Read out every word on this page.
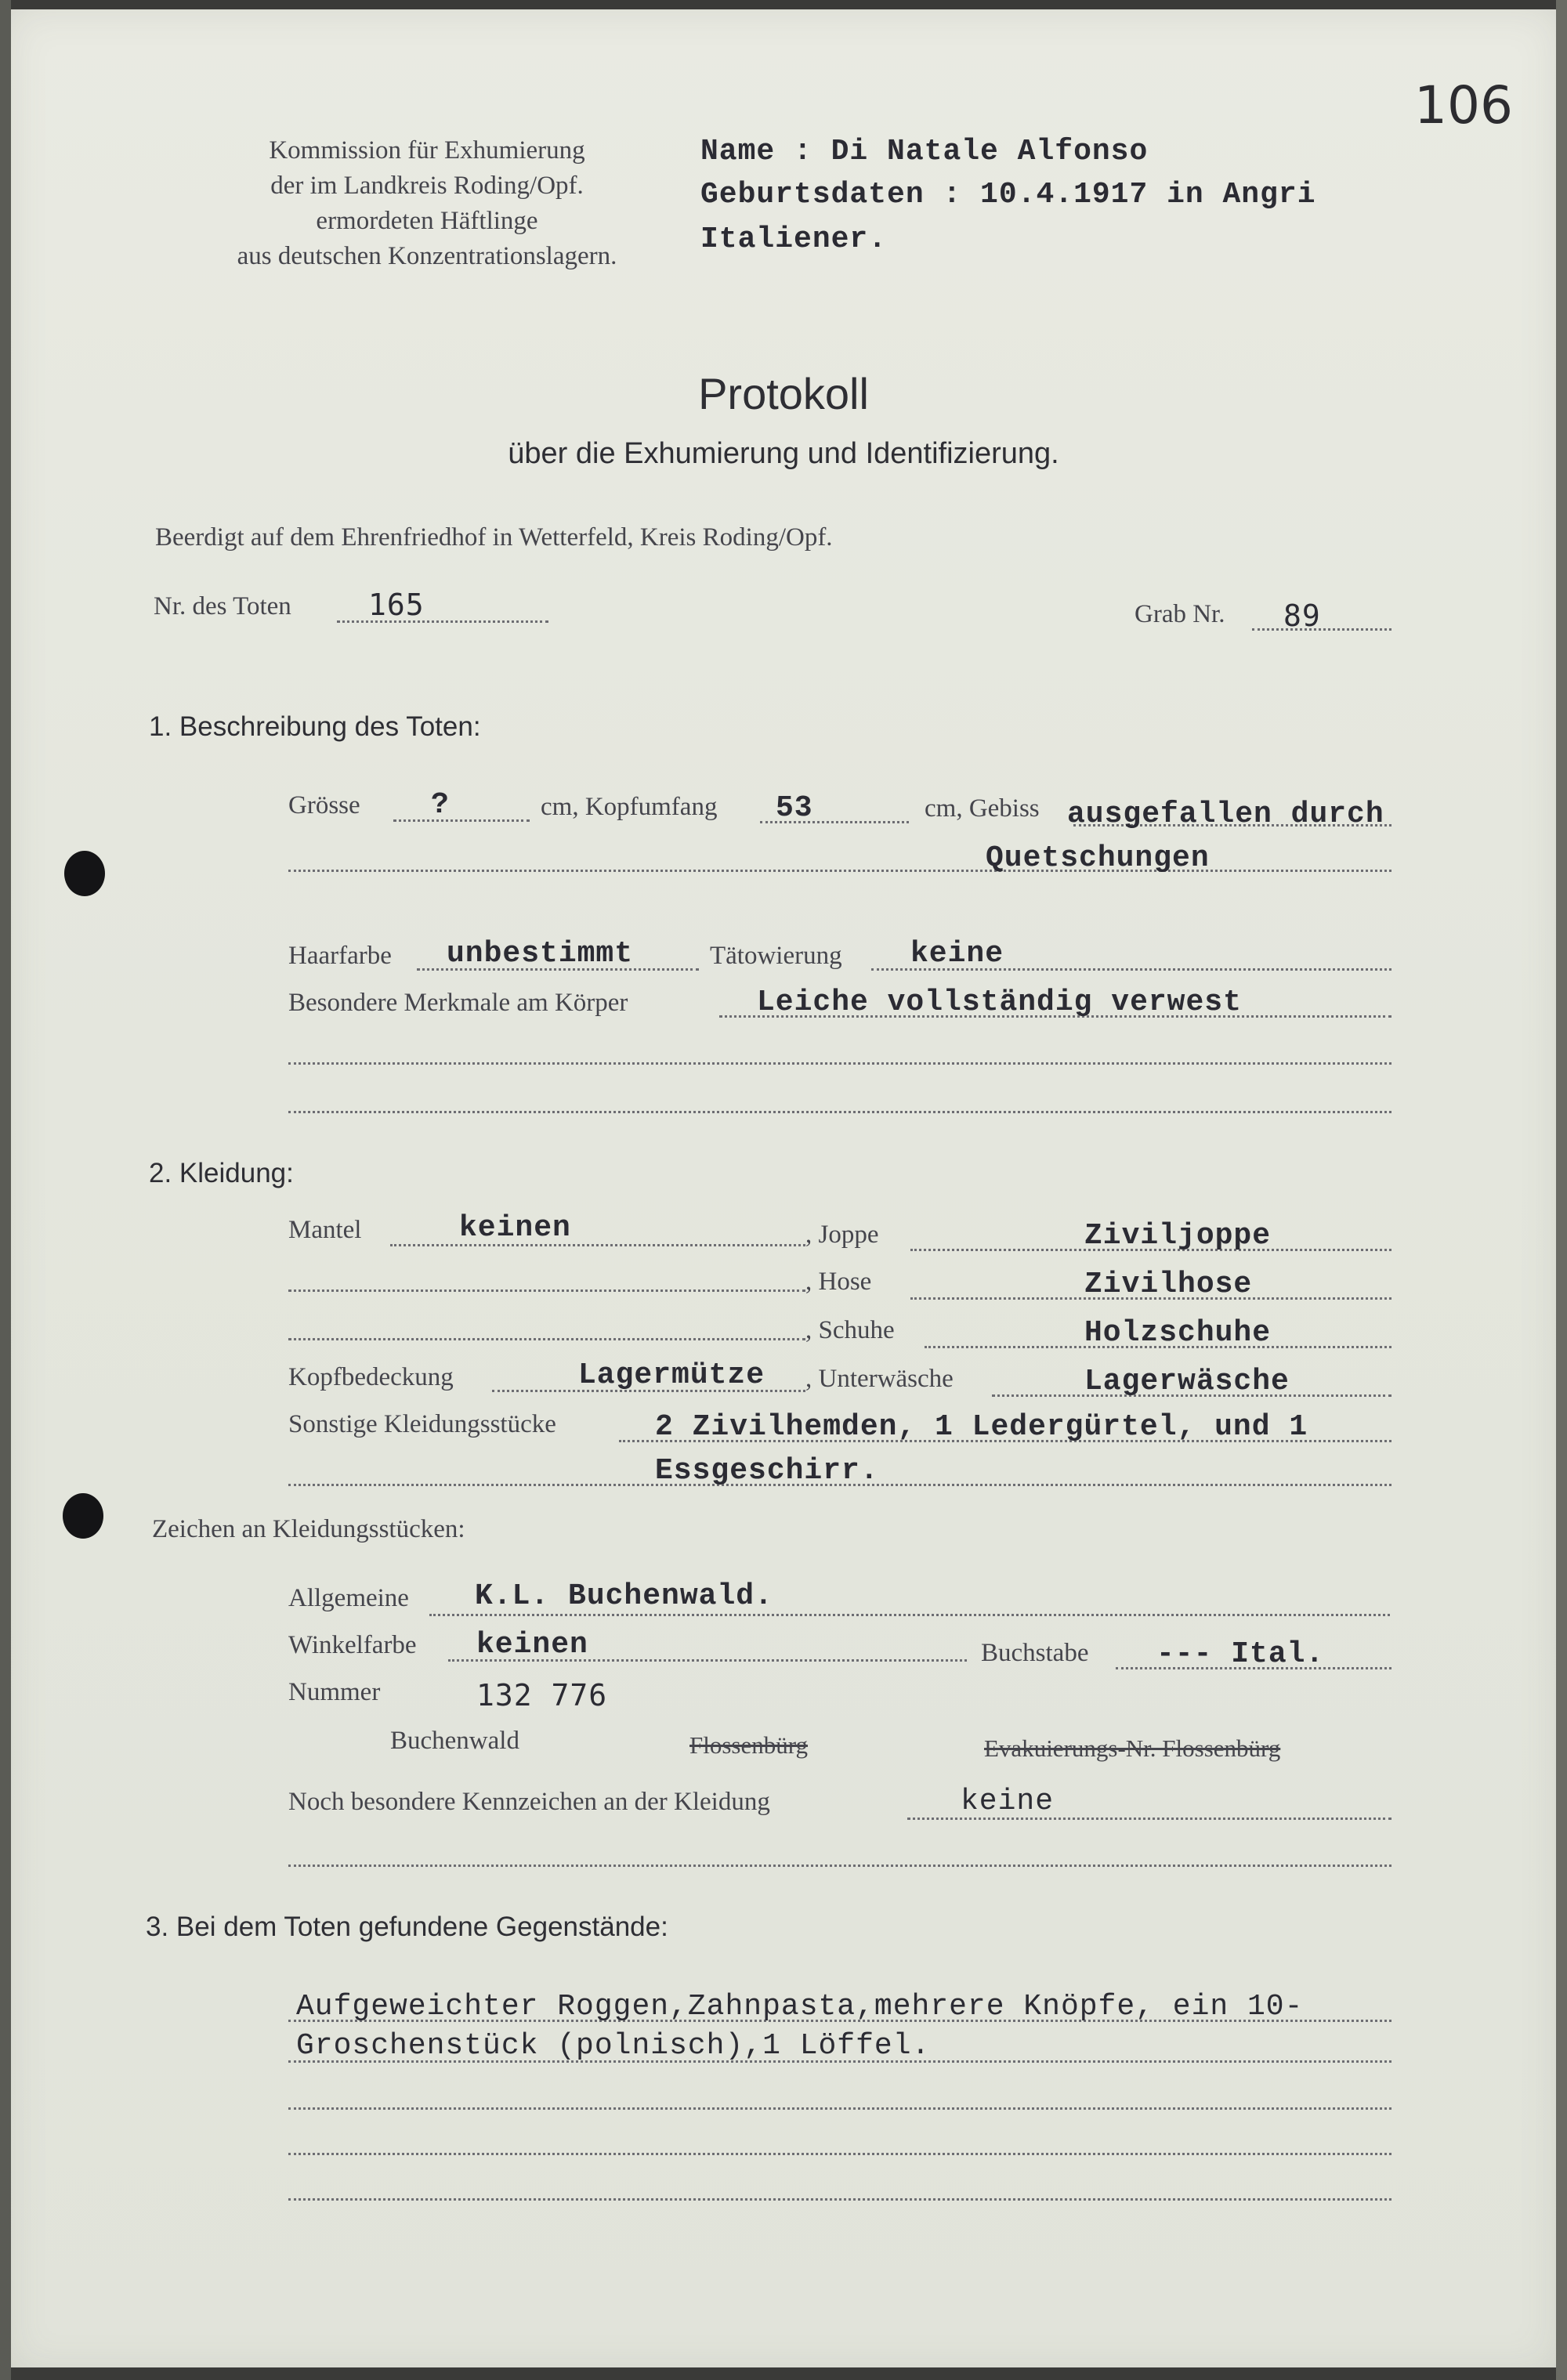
106
Kommission für Exhumierung
der im Landkreis Roding/Opf.
ermordeten Häftlinge
aus deutschen Konzentrationslagern.
Name : Di Natale Alfonso
Geburtsdaten : 10.4.1917 in Angri
Italiener.
Protokoll
über die Exhumierung und Identifizierung.
Beerdigt auf dem Ehrenfriedhof in Wetterfeld, Kreis Roding/Opf.
Nr. des Toten	165	Grab Nr. 89
1. Beschreibung des Toten:
Grösse ?	cm, Kopfumfang 53	cm, Gebiss ausgefallen durch
Quetschungen
Haarfarbe unbestimmt	Tätowierung keine
Besondere Merkmale am Körper	Leiche vollständig verwest
2. Kleidung:
Mantel	keinen	, Joppe	Ziviljoppe
, Hose	Zivilhose
, Schuhe	Holzschuhe
Kopfbedeckung	Lagermütze , Unterwäsche	Lagerwäsche
Sonstige Kleidungsstücke	2 Zivilhemden, 1 Ledergürtel, und 1
Essgeschirr.
Zeichen an Kleidungsstücken:
Allgemeine K.L. Buchenwald.
Winkelfarbe keinen	Buchstabe --- Ital.
Nummer	132 776
Buchenwald	Flossenbürg	Evakuierungs-Nr. Flossenbürg
Noch besondere Kennzeichen an der Kleidung	keine
3. Bei dem Toten gefundene Gegenstände:
Aufgeweichter Roggen,Zahnpasta,mehrere Knöpfe, ein 10-
Groschenstück (polnisch),1 Löffel.
